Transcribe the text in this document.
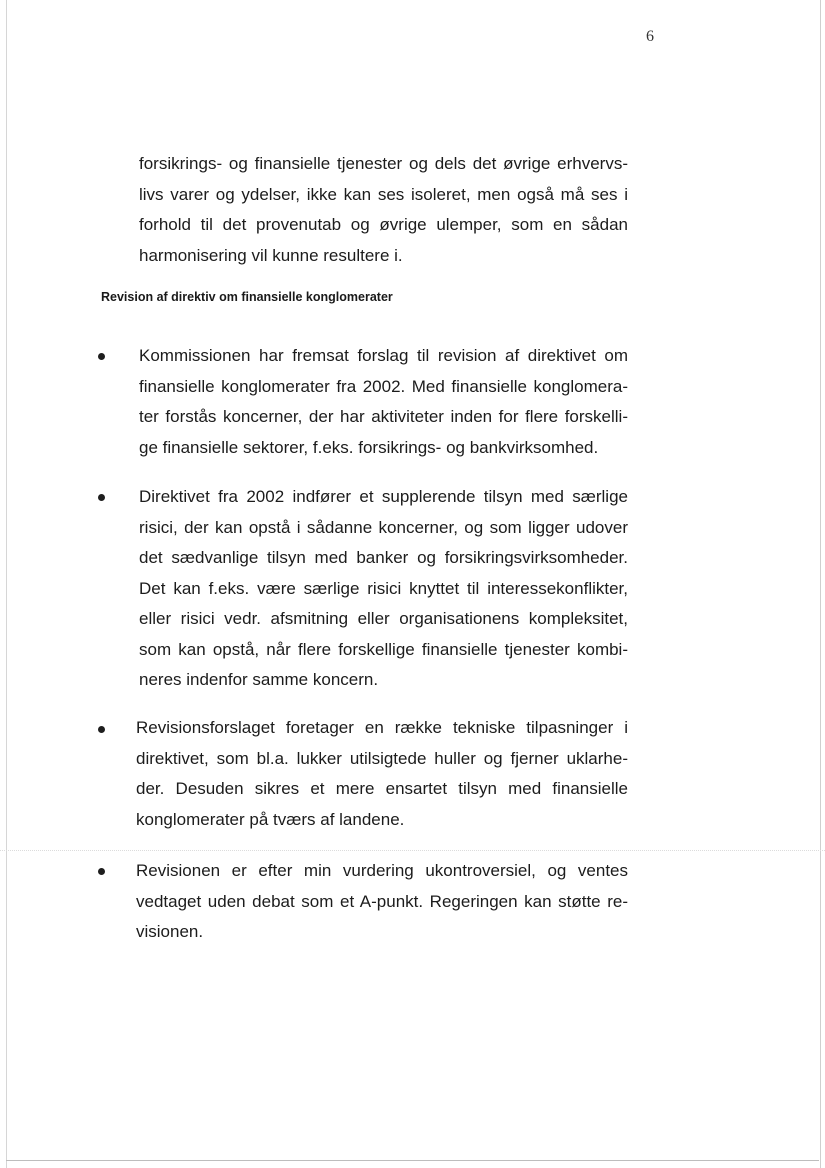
6

forsikrings- og finansielle tjenester og dels det øvrige erhvervs-
livs varer og ydelser, ikke kan ses isoleret, men også må ses i
forhold til det provenutab og øvrige ulemper, som en sådan
harmonisering vil kunne resultere i.

Revision af direktiv om finansielle konglomerater

Kommissionen har fremsat forslag til revision af direktivet om
finansielle konglomerater fra 2002. Med finansielle konglomera-
ter forstås koncerner, der har aktiviteter inden for flere forskelli-
ge finansielle sektorer, f.eks. forsikrings- og bankvirksomhed.

Direktivet fra 2002 indfører et supplerende tilsyn med særlige
risici, der kan opstå i sådanne koncerner, og som ligger udover
det sædvanlige tilsyn med banker og forsikringsvirksomheder.
Det kan f.eks. være særlige risici knyttet til interessekonflikter,
eller risici vedr. afsmitning eller organisationens kompleksitet,
som kan opstå, når flere forskellige finansielle tjenester kombi-
neres indenfor samme koncern.

Revisionsforslaget foretager en række tekniske tilpasninger i
direktivet, som bl.a. lukker utilsigtede huller og fjerner uklarhe-
der. Desuden sikres et mere ensartet tilsyn med finansielle
konglomerater på tværs af landene.

Revisionen er efter min vurdering ukontroversiel, og ventes
vedtaget uden debat som et A-punkt. Regeringen kan støtte re-
visionen.
